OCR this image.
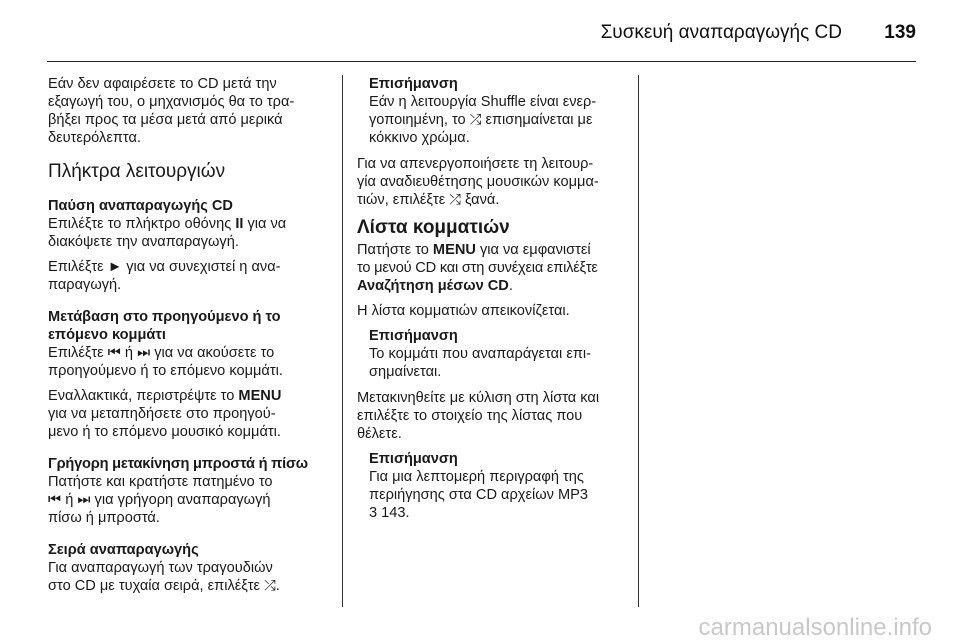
Συσκευή αναπαραγωγής CD 139
Εάν δεν αφαιρέσετε το CD μετά την
εξαγωγή του, ο μηχανισμός θα το τρα-
βήξει προς τα μέσα μετά από μερικά
δευτερόλεπτα.
Πλήκτρα λειτουργιών

Παύση αναπαραγωγής CD

Επιλέξτε το πλήκτρο οθόνης II για να
διακόψετε την αναπαραγωγή.

Επιλέξτε ► για να συνεχιστεί η ανα-
παραγωγή.

Μετάβαση στο προηγούμενο ή το
επόμενο κομμάτι

Επιλέξτε ⏮ ή ⏭ για να ακούσετε το
προηγούμενο ή το επόμενο κομμάτι.

Εναλλακτικά, περιστρέψτε το MENU
για να μεταπηδήσετε στο προηγού-
μενο ή το επόμενο μουσικό κομμάτι.

Γρήγορη μετακίνηση μπροστά ή πίσω

Πατήστε και κρατήστε πατημένο το
⏮ ή ⏭ για γρήγορη αναπαραγωγή
πίσω ή μπροστά.

Σειρά αναπαραγωγής

Για αναπαραγωγή των τραγουδιών
στο CD με τυχαία σειρά, επιλέξτε ⤮.
Επισήμανση
Εάν η λειτουργία Shuffle είναι ενερ-
γοποιημένη, το ⤮ επισημαίνεται με
κόκκινο χρώμα.

Για να απενεργοποιήσετε τη λειτουρ-
γία αναδιευθέτησης μουσικών κομμα-
τιών, επιλέξτε ⤮ ξανά.

Λίστα κομματιών

Πατήστε το MENU για να εμφανιστεί
το μενού CD και στη συνέχεια επιλέξτε
Αναζήτηση μέσων CD.

Η λίστα κομματιών απεικονίζεται.

Επισήμανση
Το κομμάτι που αναπαράγεται επι-
σημαίνεται.

Μετακινηθείτε με κύλιση στη λίστα και
επιλέξτε το στοιχείο της λίστας που
θέλετε.

Επισήμανση
Για μια λεπτομερή περιγραφή της
περιήγησης στα CD αρχείων MP3
3 143.
carmanualsonline.info
